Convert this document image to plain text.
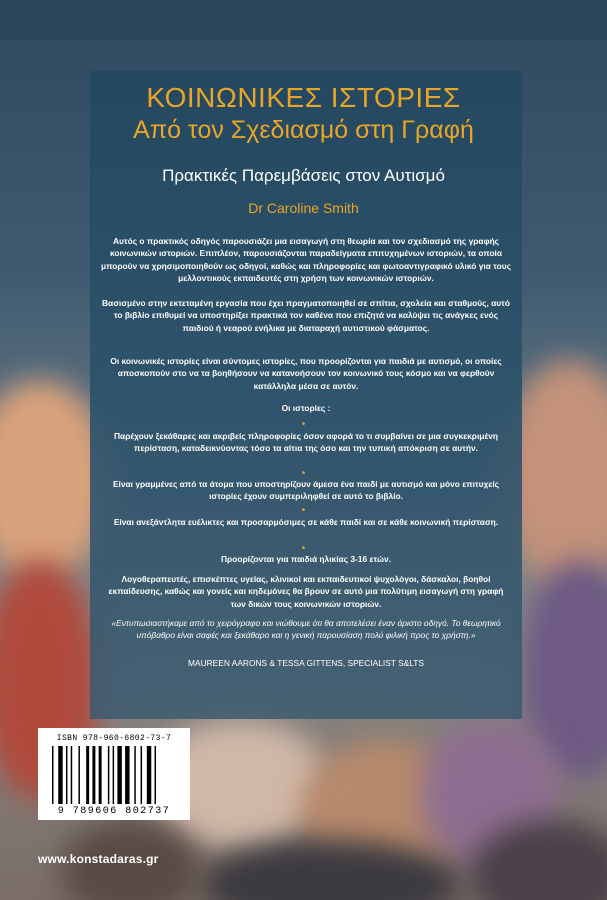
ΚΟΙΝΩΝΙΚΕΣ ΙΣΤΟΡΙΕΣ
Από τον Σχεδιασμό στη Γραφή
Πρακτικές Παρεμβάσεις στον Αυτισμό
Dr Caroline Smith

Αυτός ο πρακτικός οδηγός παρουσιάζει μια εισαγωγή στη θεωρία και τον σχεδιασμό της γραφής κοινωνικών ιστοριών. Επιπλέον, παρουσιάζονται παραδείγματα επιτυχημένων ιστοριών, τα οποία μπορούν να χρησιμοποιηθούν ως οδηγοί, καθώς και πληροφορίες και φωτοαντιγραφικό υλικό για τους μελλοντικούς εκπαιδευτές στη χρήση των κοινωνικών ιστοριών.

Βασισμένο στην εκτεταμένη εργασία που έχει πραγματοποιηθεί σε σπίτια, σχολεία και σταθμούς, αυτό το βιβλίο επιθυμεί να υποστηρίξει πρακτικά τον καθένα που επιζητά να καλύψει τις ανάγκες ενός παιδιού ή νεαρού ενήλικα με διαταραχή αυτιστικού φάσματος.

Οι κοινωνικές ιστορίες είναι σύντομες ιστορίες, που προορίζονται για παιδιά με αυτισμό, οι οποίες αποσκοπούν στο να τα βοηθήσουν να κατανοήσουν τον κοινωνικό τους κόσμο και να φερθούν κατάλληλα μέσα σε αυτόν.

Οι ιστορίες :

•

Παρέχουν ξεκάθαρες και ακριβείς πληροφορίες όσον αφορά το τι συμβαίνει σε μια συγκεκριμένη περίσταση, καταδεικνύοντας τόσο τα αίτια της όσο και την τυπική απόκριση σε αυτήν.

•

Είναι γραμμένες από τα άτομα που υποστηρίζουν άμεσα ένα παιδί με αυτισμό και μόνο επιτυχείς ιστορίες έχουν συμπεριληφθεί σε αυτό το βιβλίο.

•

Είναι ανεξάντλητα ευέλικτες και προσαρμόσιμες σε κάθε παιδί και σε κάθε κοινωνική περίσταση.

•

Προορίζονται για παιδιά ηλικίας 3-16 ετών.

Λογοθεραπευτές, επισκέπτες υγείας, κλινικοί και εκπαιδευτικοί ψυχολόγοι, δάσκαλοι, βοηθοί εκπαίδευσης, καθώς και γονείς και κηδεμόνες θα βρουν σε αυτό μια πολύτιμη εισαγωγή στη γραφή των δικών τους κοινωνικών ιστοριών.

«Εντυπωσιαστήκαμε από το χειρόγραφο και νιώθουμε ότι θα αποτελέσει έναν άριστο οδηγό. Το θεωρητικό υπόβαθρο είναι σαφές και ξεκάθαρο και η γενική παρουσίαση πολύ φιλική προς το χρήστη.»
MAUREEN AARONS & TESSA GITTENS, SPECIALIST S&LTS
ISBN 978-960-6802-73-7
9 789606 802737
www.konstadaras.gr
